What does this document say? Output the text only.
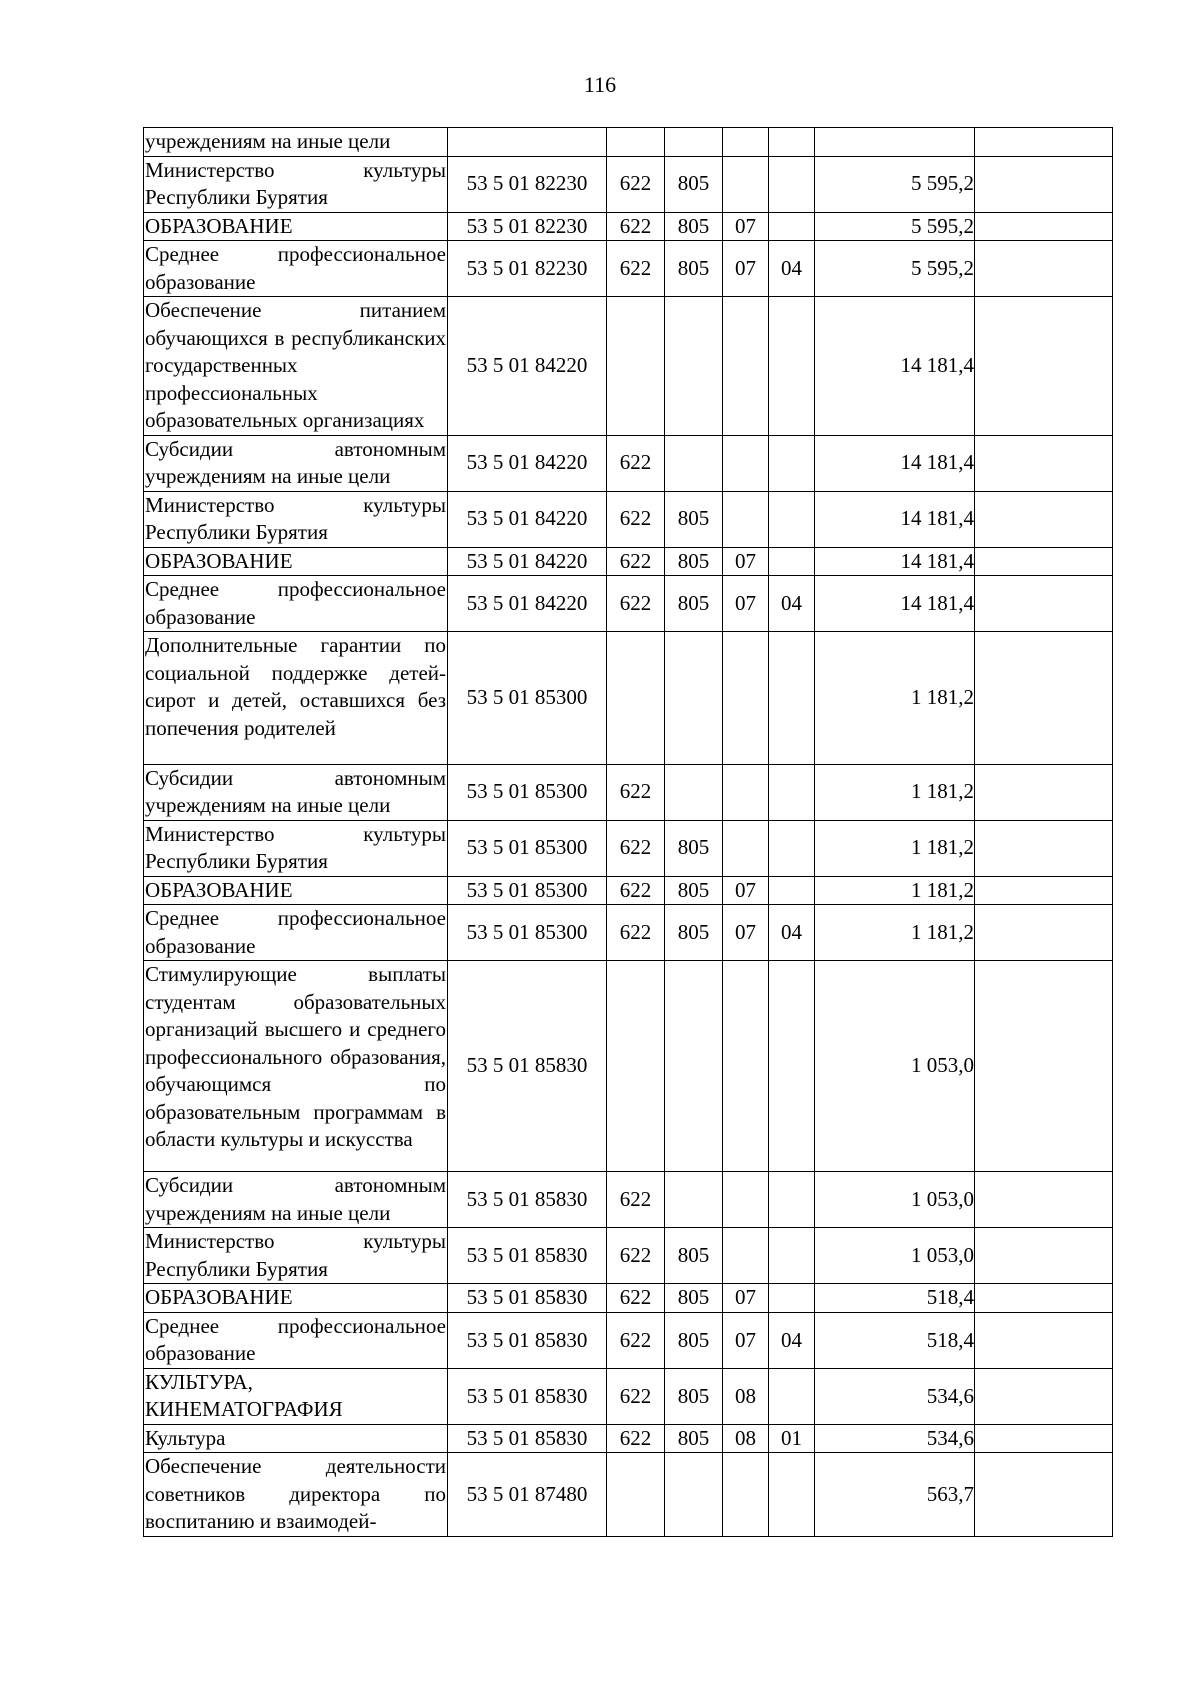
116
учреждениям на иные цели							
Министерство культуры Республики Бурятия	53 5 01 82230	622	805			5 595,2	
ОБРАЗОВАНИЕ	53 5 01 82230	622	805	07		5 595,2	
Среднее профессиональное образование	53 5 01 82230	622	805	07	04	5 595,2	
Обеспечение питанием обучающихся в республиканских государственных профессиональных образовательных организациях	53 5 01 84220					14 181,4	
Субсидии автономным учреждениям на иные цели	53 5 01 84220	622				14 181,4	
Министерство культуры Республики Бурятия	53 5 01 84220	622	805			14 181,4	
ОБРАЗОВАНИЕ	53 5 01 84220	622	805	07		14 181,4	
Среднее профессиональное образование	53 5 01 84220	622	805	07	04	14 181,4	
Дополнительные гарантии по социальной поддержке детей-сирот и детей, оставшихся без попечения родителей	53 5 01 85300					1 181,2	
Субсидии автономным учреждениям на иные цели	53 5 01 85300	622				1 181,2	
Министерство культуры Республики Бурятия	53 5 01 85300	622	805			1 181,2	
ОБРАЗОВАНИЕ	53 5 01 85300	622	805	07		1 181,2	
Среднее профессиональное образование	53 5 01 85300	622	805	07	04	1 181,2	
Стимулирующие выплаты студентам образовательных организаций высшего и среднего профессионального образования, обучающимся по образовательным программам в области культуры и искусства	53 5 01 85830					1 053,0	
Субсидии автономным учреждениям на иные цели	53 5 01 85830	622				1 053,0	
Министерство культуры Республики Бурятия	53 5 01 85830	622	805			1 053,0	
ОБРАЗОВАНИЕ	53 5 01 85830	622	805	07		518,4	
Среднее профессиональное образование	53 5 01 85830	622	805	07	04	518,4	
КУЛЬТУРА, КИНЕМАТОГРАФИЯ	53 5 01 85830	622	805	08		534,6	
Культура	53 5 01 85830	622	805	08	01	534,6	
Обеспечение деятельности советников директора по воспитанию и взаимодей-	53 5 01 87480					563,7	
